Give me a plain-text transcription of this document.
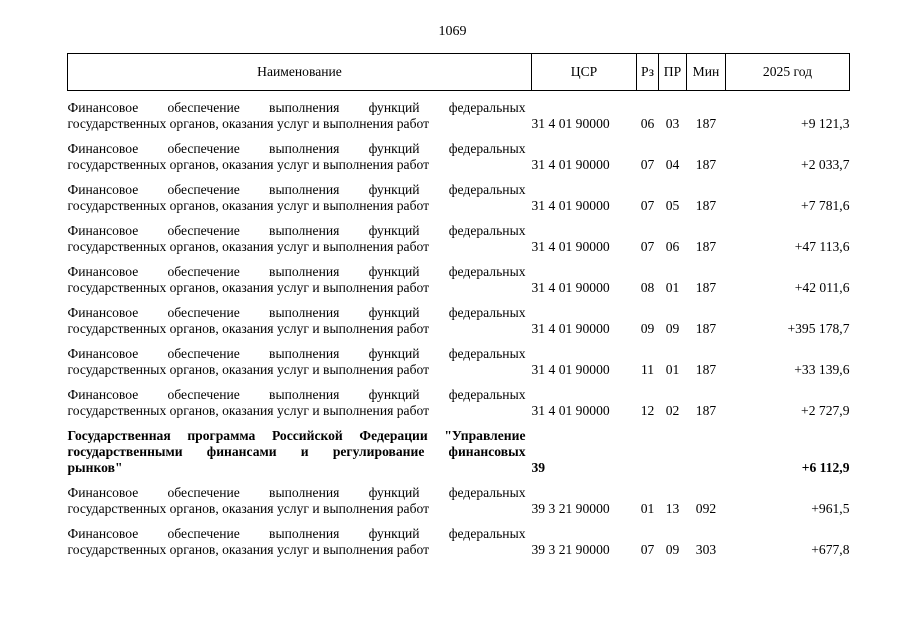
1069
Наименование	ЦСР	Рз	ПР	Мин	2025 год

Финансовое обеспечение выполнения функций федеральных
государственных органов, оказания услуг и выполнения работ	31 4 01 90000	06	03	187	+9 121,3

Финансовое обеспечение выполнения функций федеральных
государственных органов, оказания услуг и выполнения работ	31 4 01 90000	07	04	187	+2 033,7

Финансовое обеспечение выполнения функций федеральных
государственных органов, оказания услуг и выполнения работ	31 4 01 90000	07	05	187	+7 781,6

Финансовое обеспечение выполнения функций федеральных
государственных органов, оказания услуг и выполнения работ	31 4 01 90000	07	06	187	+47 113,6

Финансовое обеспечение выполнения функций федеральных
государственных органов, оказания услуг и выполнения работ	31 4 01 90000	08	01	187	+42 011,6

Финансовое обеспечение выполнения функций федеральных
государственных органов, оказания услуг и выполнения работ	31 4 01 90000	09	09	187	+395 178,7

Финансовое обеспечение выполнения функций федеральных
государственных органов, оказания услуг и выполнения работ	31 4 01 90000	11	01	187	+33 139,6

Финансовое обеспечение выполнения функций федеральных
государственных органов, оказания услуг и выполнения работ	31 4 01 90000	12	02	187	+2 727,9

Государственная программа Российской Федерации "Управление
государственными финансами и регулирование финансовых
рынков"	39				+6 112,9

Финансовое обеспечение выполнения функций федеральных
государственных органов, оказания услуг и выполнения работ	39 3 21 90000	01	13	092	+961,5

Финансовое обеспечение выполнения функций федеральных
государственных органов, оказания услуг и выполнения работ	39 3 21 90000	07	09	303	+677,8
